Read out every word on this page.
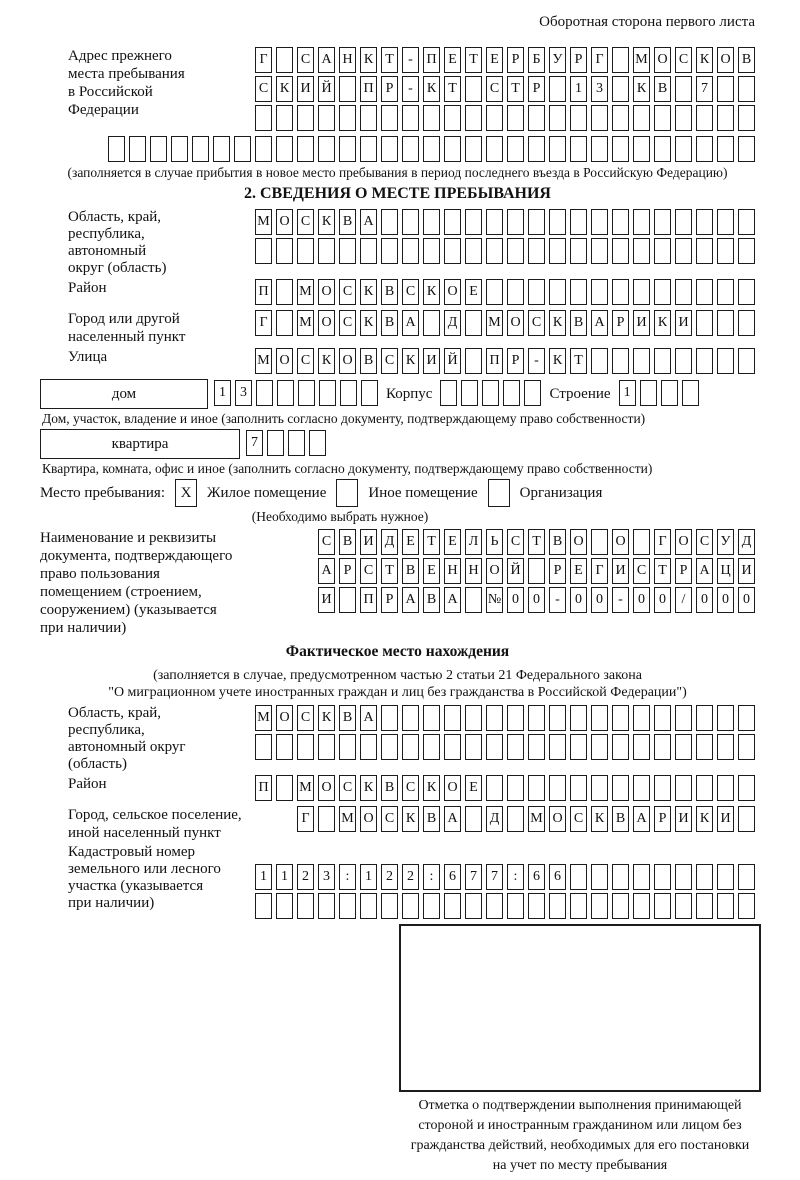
Оборотная сторона первого листа
Адрес прежнего
места пребывания
в Российской
Федерации
Г	С А Н К Т	- П Е Т Е Р Б У Р Г	М О С К О В
С К И Й П Р	-	К Т	С Т Р	1	3	К В	7
(заполняется в случае прибытия в новое место пребывания в период последнего въезда в Российскую Федерацию)
2. СВЕДЕНИЯ О МЕСТЕ ПРЕБЫВАНИЯ
Область, край,
республика,
автономный
округ (область)
М О С К В А
Район	П М О С К В С К О Е
Город или другой
населенный пункт
Г	М О С К В А Д М О С К В А Р И К И
Улица	М О С К О В С К И Й П Р	-	К Т
дом	1	3	Корпус	Строение 1
Дом, участок, владение и иное (заполнить согласно документу, подтверждающему право собственности)
квартира	7
Квартира, комната, офис и иное (заполнить согласно документу, подтверждающему право собственности)
Место пребывания:	X	Жилое помещение	Иное помещение	Организация
(Необходимо выбрать нужное)
Наименование и реквизиты
документа, подтверждающего
право пользования
помещением (строением,
сооружением) (указывается
при наличии)
С В И Д Е Т Е Л Ь С Т В О О	Г О С У Д
А Р С Т В Е Н Н О Й	Р Е Г И С Т Р А Ц И
И П Р А В А № 0	0	-	0	0	-	0	0	/	0	0	0
Фактическое место нахождения
(заполняется в случае, предусмотренном частью 2 статьи 21 Федерального закона
"О миграционном учете иностранных граждан и лиц без гражданства в Российской Федерации")
Область, край,
республика,
автономный округ
(область)
М О С К В А
Район	П М О С К В С К О Е
Город, сельское поселение,
иной населенный пункт
Г	М О С К В А Д М О С К В А Р И К И
Кадастровый номер
земельного или лесного
участка (указывается
при наличии)
1	1	2	3	:	1	2	2	:	6	7	7	:	6	6
Отметка о подтверждении выполнения принимающей
стороной и иностранным гражданином или лицом без
гражданства действий, необходимых для его постановки
на учет по месту пребывания
